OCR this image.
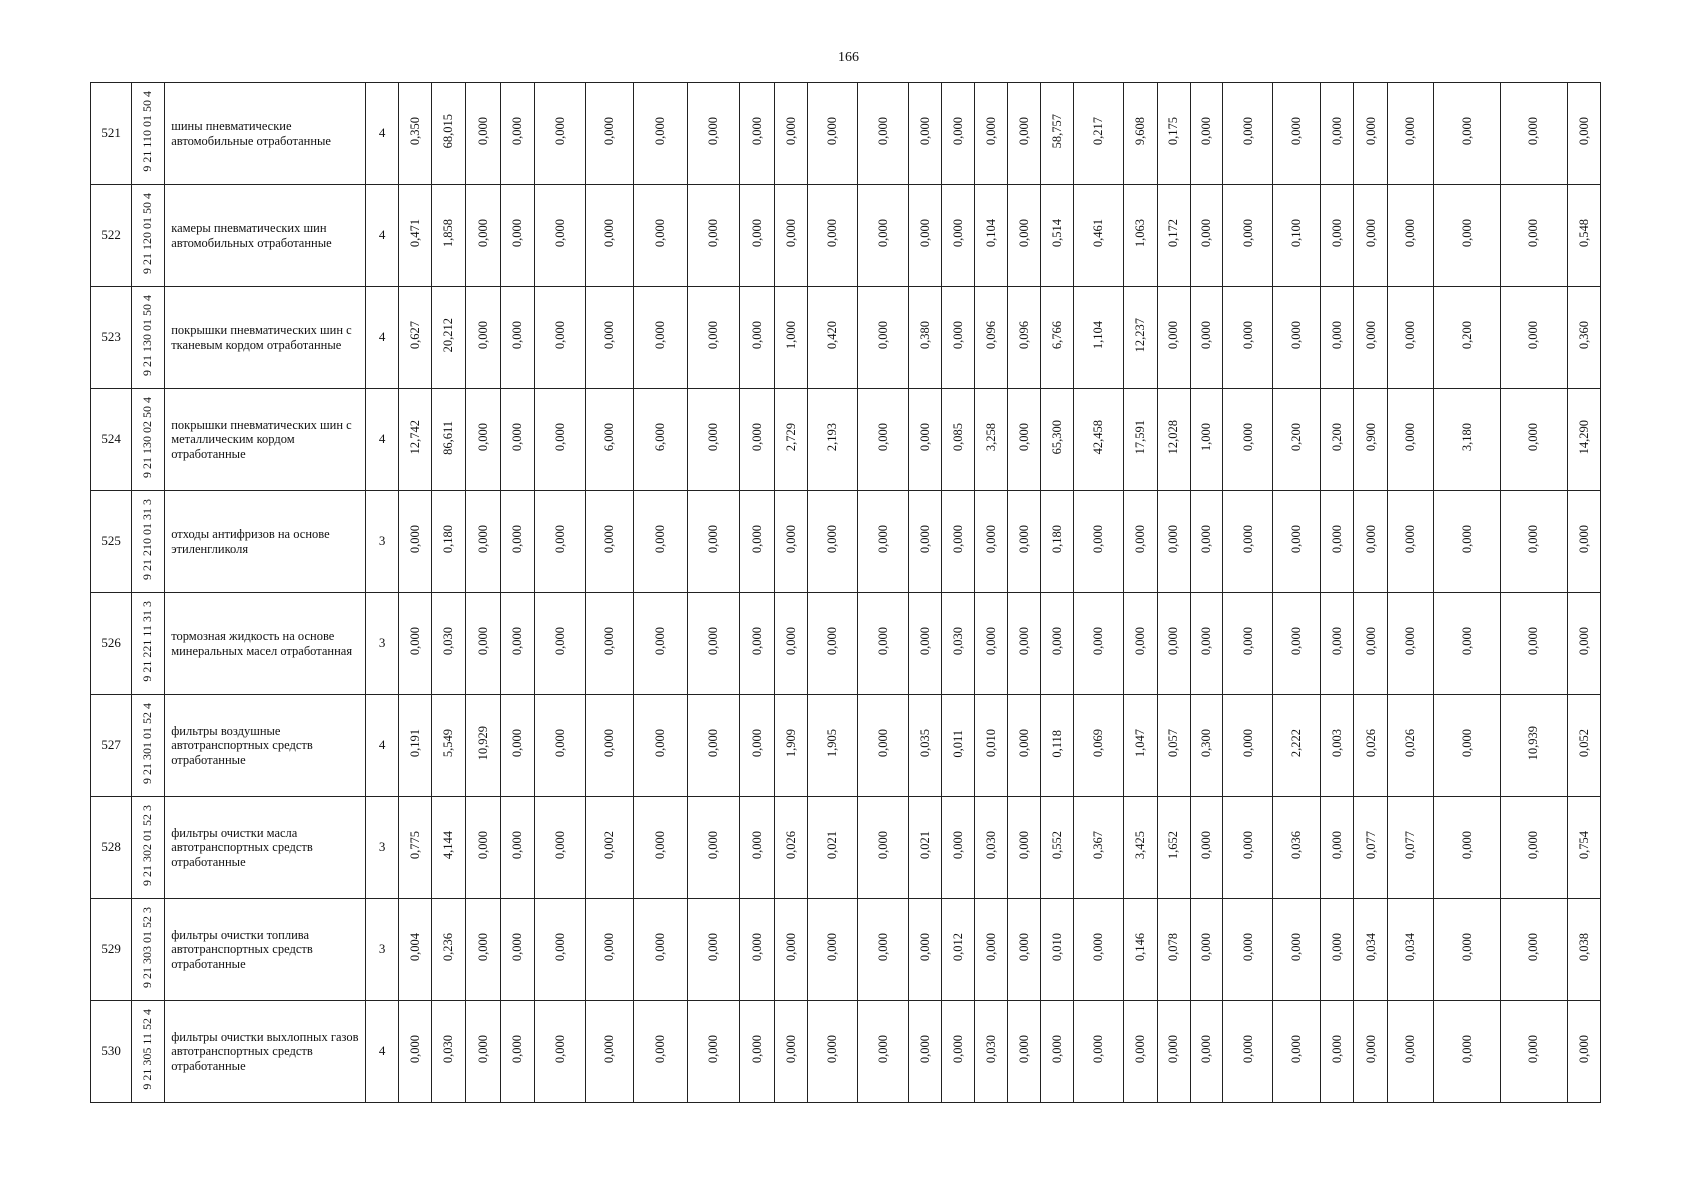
166
521	9 21 110 01 50 4	шины пневматические автомобильные отработанные	4	0,350	68,015	0,000	0,000	0,000	0,000	0,000	0,000	0,000	0,000	0,000	0,000	0,000	0,000	0,000	0,000	58,757	0,217	9,608	0,175	0,000	0,000	0,000	0,000	0,000	0,000	0,000	0,000	0,000
522	9 21 120 01 50 4	камеры пневматических шин автомобильных отработанные	4	0,471	1,858	0,000	0,000	0,000	0,000	0,000	0,000	0,000	0,000	0,000	0,000	0,000	0,000	0,104	0,000	0,514	0,461	1,063	0,172	0,000	0,000	0,100	0,000	0,000	0,000	0,000	0,000	0,548
523	9 21 130 01 50 4	покрышки пневматических шин с тканевым кордом отработанные	4	0,627	20,212	0,000	0,000	0,000	0,000	0,000	0,000	0,000	1,000	0,420	0,000	0,380	0,000	0,096	0,096	6,766	1,104	12,237	0,000	0,000	0,000	0,000	0,000	0,000	0,000	0,200	0,000	0,360
524	9 21 130 02 50 4	покрышки пневматических шин с металлическим кордом отработанные	4	12,742	86,611	0,000	0,000	0,000	6,000	6,000	0,000	0,000	2,729	2,193	0,000	0,000	0,085	3,258	0,000	65,300	42,458	17,591	12,028	1,000	0,000	0,200	0,200	0,900	0,000	3,180	0,000	14,290
525	9 21 210 01 31 3	отходы антифризов на основе этиленгликоля	3	0,000	0,180	0,000	0,000	0,000	0,000	0,000	0,000	0,000	0,000	0,000	0,000	0,000	0,000	0,000	0,000	0,180	0,000	0,000	0,000	0,000	0,000	0,000	0,000	0,000	0,000	0,000	0,000	0,000
526	9 21 221 11 31 3	тормозная жидкость на основе минеральных масел отработанная	3	0,000	0,030	0,000	0,000	0,000	0,000	0,000	0,000	0,000	0,000	0,000	0,000	0,000	0,030	0,000	0,000	0,000	0,000	0,000	0,000	0,000	0,000	0,000	0,000	0,000	0,000	0,000	0,000	0,000
527	9 21 301 01 52 4	фильтры воздушные автотранспортных средств отработанные	4	0,191	5,549	10,929	0,000	0,000	0,000	0,000	0,000	0,000	1,909	1,905	0,000	0,035	0,011	0,010	0,000	0,118	0,069	1,047	0,057	0,300	0,000	2,222	0,003	0,026	0,026	0,000	10,939	0,052
528	9 21 302 01 52 3	фильтры очистки масла автотранспортных средств отработанные	3	0,775	4,144	0,000	0,000	0,000	0,002	0,000	0,000	0,000	0,026	0,021	0,000	0,021	0,000	0,030	0,000	0,552	0,367	3,425	1,652	0,000	0,000	0,036	0,000	0,077	0,077	0,000	0,000	0,754
529	9 21 303 01 52 3	фильтры очистки топлива автотранспортных средств отработанные	3	0,004	0,236	0,000	0,000	0,000	0,000	0,000	0,000	0,000	0,000	0,000	0,000	0,000	0,012	0,000	0,000	0,010	0,000	0,146	0,078	0,000	0,000	0,000	0,000	0,034	0,034	0,000	0,000	0,038
530	9 21 305 11 52 4	фильтры очистки выхлопных газов автотранспортных средств отработанные	4	0,000	0,030	0,000	0,000	0,000	0,000	0,000	0,000	0,000	0,000	0,000	0,000	0,000	0,000	0,030	0,000	0,000	0,000	0,000	0,000	0,000	0,000	0,000	0,000	0,000	0,000	0,000	0,000	0,000
